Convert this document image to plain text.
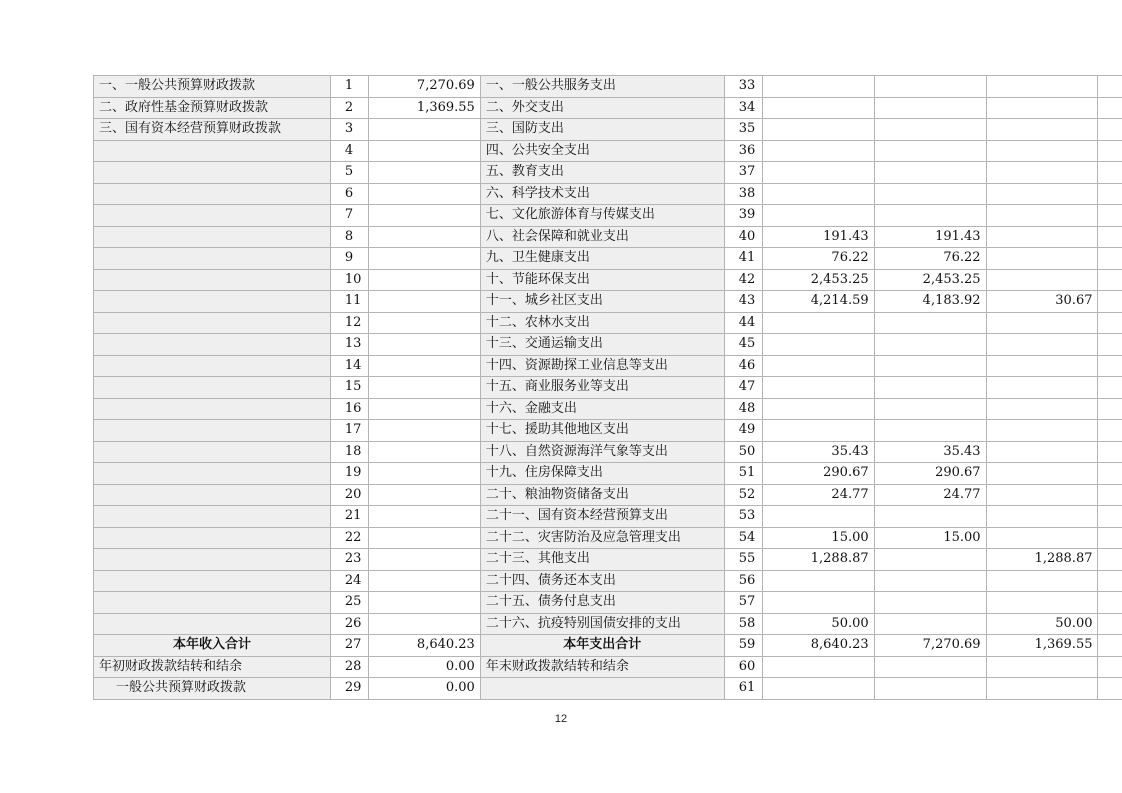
一、一般公共预算财政拨款	1	7,270.69	一、一般公共服务支出	33				
二、政府性基金预算财政拨款	2	1,369.55	二、外交支出	34				
三、国有资本经营预算财政拨款	3		三、国防支出	35				
	4		四、公共安全支出	36				
	5		五、教育支出	37				
	6		六、科学技术支出	38				
	7		七、文化旅游体育与传媒支出	39				
	8		八、社会保障和就业支出	40	191.43	191.43		
	9		九、卫生健康支出	41	76.22	76.22		
	10		十、节能环保支出	42	2,453.25	2,453.25		
	11		十一、城乡社区支出	43	4,214.59	4,183.92	30.67	
	12		十二、农林水支出	44				
	13		十三、交通运输支出	45				
	14		十四、资源勘探工业信息等支出	46				
	15		十五、商业服务业等支出	47				
	16		十六、金融支出	48				
	17		十七、援助其他地区支出	49				
	18		十八、自然资源海洋气象等支出	50	35.43	35.43		
	19		十九、住房保障支出	51	290.67	290.67		
	20		二十、粮油物资储备支出	52	24.77	24.77		
	21		二十一、国有资本经营预算支出	53				
	22		二十二、灾害防治及应急管理支出	54	15.00	15.00		
	23		二十三、其他支出	55	1,288.87		1,288.87	
	24		二十四、债务还本支出	56				
	25		二十五、债务付息支出	57				
	26		二十六、抗疫特别国债安排的支出	58	50.00		50.00	
本年收入合计	27	8,640.23	本年支出合计	59	8,640.23	7,270.69	1,369.55	
年初财政拨款结转和结余	28	0.00	年末财政拨款结转和结余	60				
一般公共预算财政拨款	29	0.00		61				
12
